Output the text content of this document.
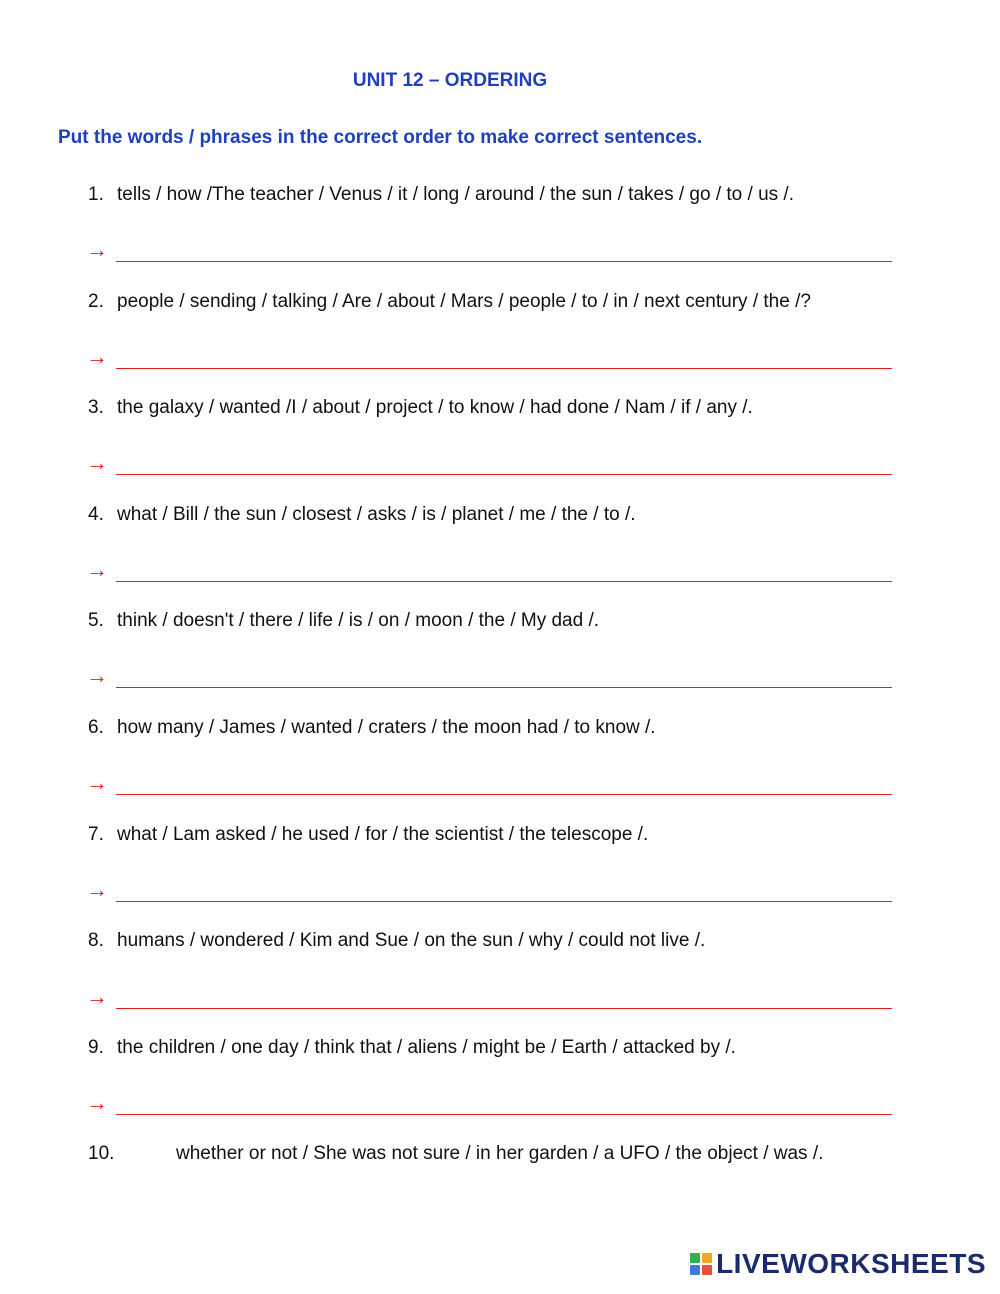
UNIT 12 – ORDERING
Put the words / phrases in the correct order to make correct sentences.
1. tells / how /The teacher / Venus / it / long / around / the sun / takes / go / to / us /.
→
2. people / sending / talking / Are / about / Mars / people / to / in / next century / the /?
→
3. the galaxy / wanted /I / about / project / to know / had done / Nam / if / any /.
→
4. what / Bill / the sun / closest / asks / is / planet / me / the / to /.
→
5. think / doesn't / there / life / is / on / moon / the / My dad /.
→
6. how many / James / wanted / craters / the moon had / to know /.
→
7. what / Lam asked / he used / for / the scientist / the telescope /.
→
8. humans / wondered / Kim and Sue / on the sun / why / could not live /.
→
9. the children / one day / think that / aliens / might be / Earth / attacked by /.
→
10.	whether or not / She was not sure / in her garden / a UFO / the object / was /.
LIVEWORKSHEETS
